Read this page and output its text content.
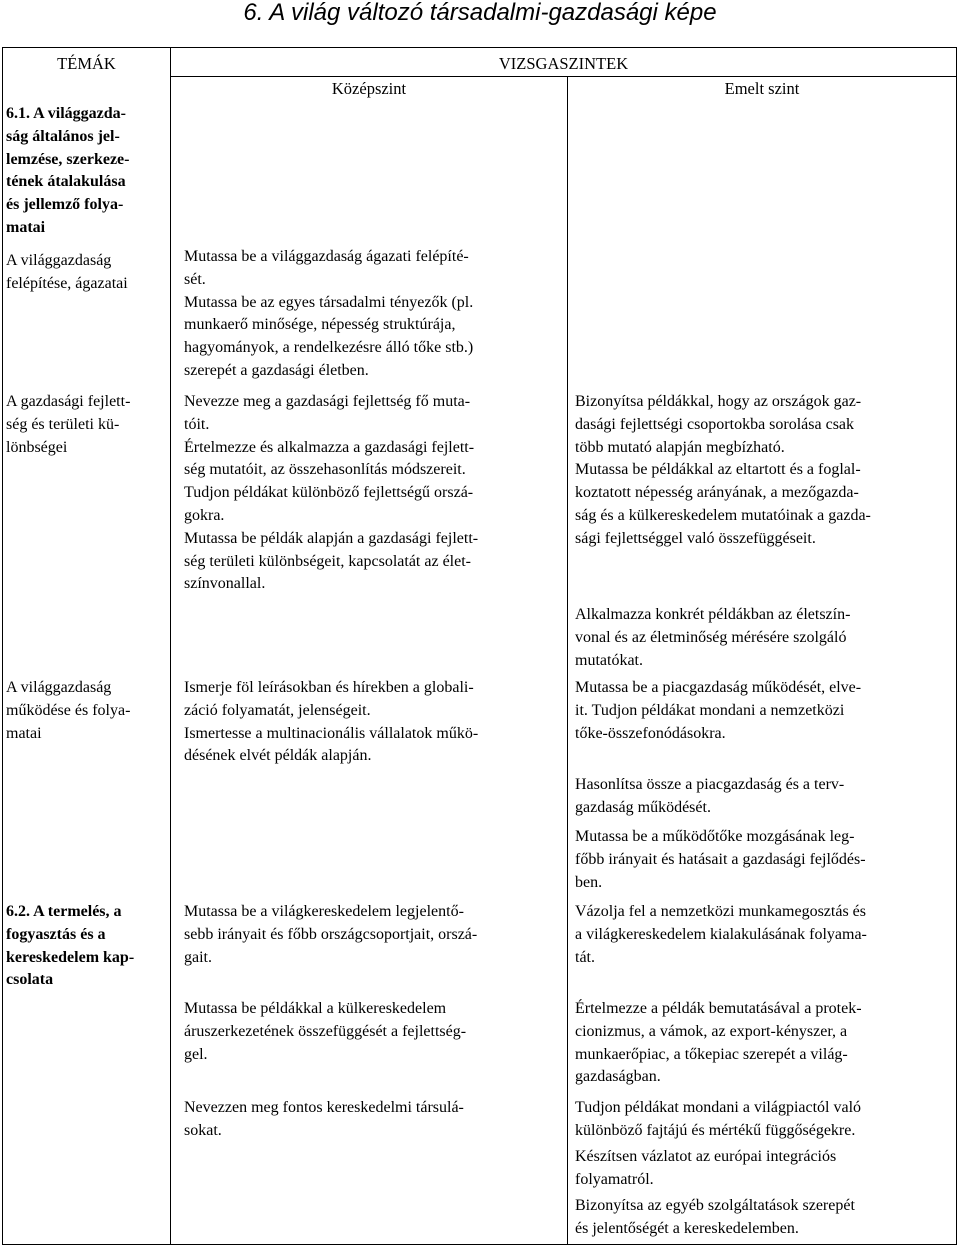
6. A világ változó társadalmi-gazdasági képe
TÉMÁK	VIZSGASZINTEK
Középszint	Emelt szint
6.1. A világgazda-
ság általános jel-
lemzése, szerkeze-
tének átalakulása
és jellemző folya-
matai
A világgazdaság
felépítése, ágazatai
A gazdasági fejlett-
ség és területi kü-
lönbségei
A világgazdaság
működése és folya-
matai
6.2. A termelés, a
fogyasztás és a
kereskedelem kap-
csolata
Mutassa be a világgazdaság ágazati felépíté-
sét.
Mutassa be az egyes társadalmi tényezők (pl.
munkaerő minősége, népesség struktúrája,
hagyományok, a rendelkezésre álló tőke stb.)
szerepét a gazdasági életben.
Nevezze meg a gazdasági fejlettség fő muta-
tóit.
Értelmezze és alkalmazza a gazdasági fejlett-
ség mutatóit, az összehasonlítás módszereit.
Tudjon példákat különböző fejlettségű orszá-
gokra.
Mutassa be példák alapján a gazdasági fejlett-
ség területi különbségeit, kapcsolatát az élet-
színvonallal.
Ismerje föl leírásokban és hírekben a globali-
záció folyamatát, jelenségeit.
Ismertesse a multinacionális vállalatok műkö-
désének elvét példák alapján.
Mutassa be a világkereskedelem legjelentő-
sebb irányait és főbb országcsoportjait, orszá-
gait.
Mutassa be példákkal a külkereskedelem
áruszerkezetének összefüggését a fejlettség-
gel.
Nevezzen meg fontos kereskedelmi társulá-
sokat.
Bizonyítsa példákkal, hogy az országok gaz-
dasági fejlettségi csoportokba sorolása csak
több mutató alapján megbízható.
Mutassa be példákkal az eltartott és a foglal-
koztatott népesség arányának, a mezőgazda-
ság és a külkereskedelem mutatóinak a gazda-
sági fejlettséggel való összefüggéseit.
Alkalmazza konkrét példákban az életszín-
vonal és az életminőség mérésére szolgáló
mutatókat.
Mutassa be a piacgazdaság működését, elve-
it. Tudjon példákat mondani a nemzetközi
tőke-összefonódásokra.
Hasonlítsa össze a piacgazdaság és a terv-
gazdaság működését.
Mutassa be a működőtőke mozgásának leg-
főbb irányait és hatásait a gazdasági fejlődés-
ben.
Vázolja fel a nemzetközi munkamegosztás és
a világkereskedelem kialakulásának folyama-
tát.
Értelmezze a példák bemutatásával a protek-
cionizmus, a vámok, az export-kényszer, a
munkaerőpiac, a tőkepiac szerepét a világ-
gazdaságban.
Tudjon példákat mondani a világpiactól való
különböző fajtájú és mértékű függőségekre.
Készítsen vázlatot az európai integrációs
folyamatról.
Bizonyítsa az egyéb szolgáltatások szerepét
és jelentőségét a kereskedelemben.
